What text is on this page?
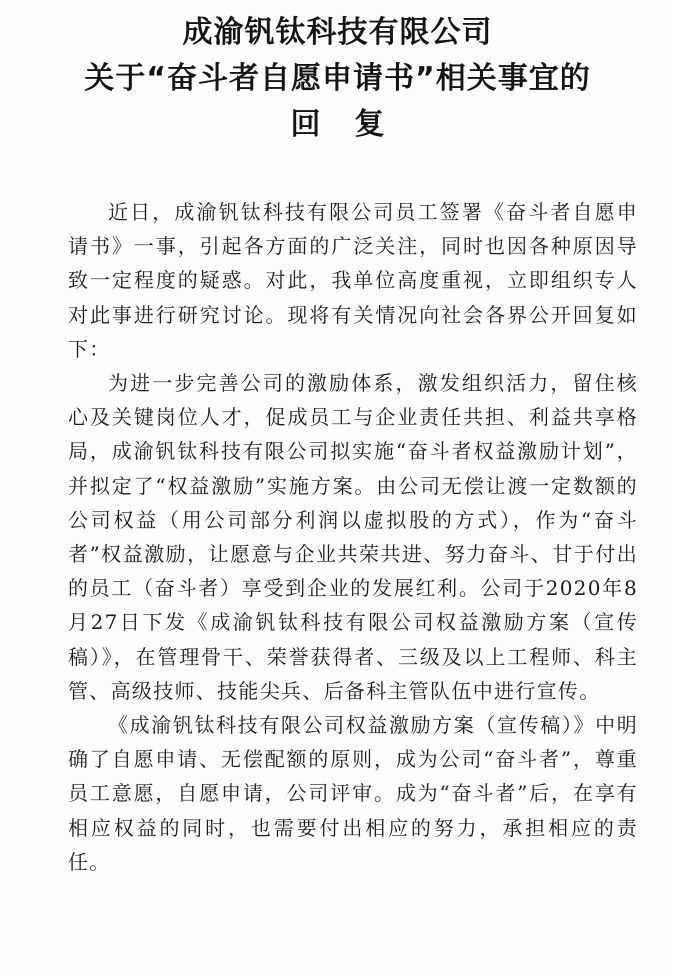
成渝钒钛科技有限公司
关于“奋斗者自愿申请书”相关事宜的
回复

近日，成渝钒钛科技有限公司员工签署《奋斗者自愿申请书》一事，引起各方面的广泛关注，同时也因各种原因导致一定程度的疑惑。对此，我单位高度重视，立即组织专人对此事进行研究讨论。现将有关情况向社会各界公开回复如下：

为进一步完善公司的激励体系，激发组织活力，留住核心及关键岗位人才，促成员工与企业责任共担、利益共享格局，成渝钒钛科技有限公司拟实施“奋斗者权益激励计划”，并拟定了“权益激励”实施方案。由公司无偿让渡一定数额的公司权益（用公司部分利润以虚拟股的方式），作为“奋斗者”权益激励，让愿意与企业共荣共进、努力奋斗、甘于付出的员工（奋斗者）享受到企业的发展红利。公司于2020年8月27日下发《成渝钒钛科技有限公司权益激励方案（宣传稿）》，在管理骨干、荣誉获得者、三级及以上工程师、科主管、高级技师、技能尖兵、后备科主管队伍中进行宣传。

《成渝钒钛科技有限公司权益激励方案（宣传稿）》中明确了自愿申请、无偿配额的原则，成为公司“奋斗者”，尊重员工意愿，自愿申请，公司评审。成为“奋斗者”后，在享有相应权益的同时，也需要付出相应的努力，承担相应的责任。
